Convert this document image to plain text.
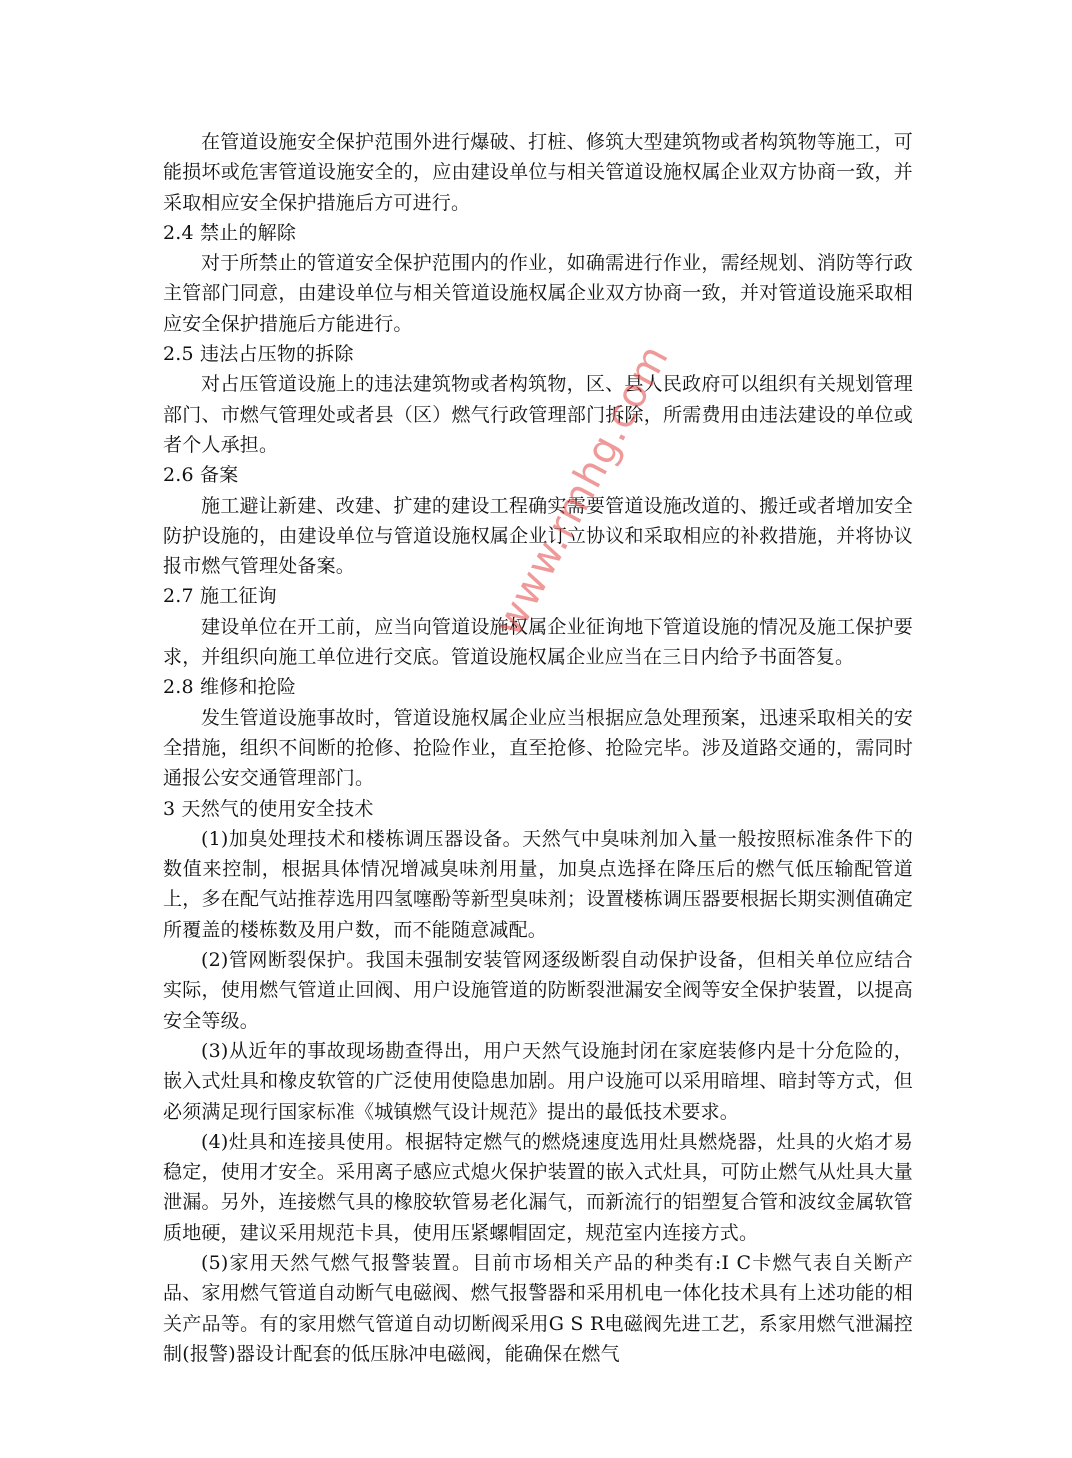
在管道设施安全保护范围外进行爆破、打桩、修筑大型建筑物或者构筑物等施工，可能损坏或危害管道设施安全的，应由建设单位与相关管道设施权属企业双方协商一致，并采取相应安全保护措施后方可进行。

2.4 禁止的解除

对于所禁止的管道安全保护范围内的作业，如确需进行作业，需经规划、消防等行政主管部门同意，由建设单位与相关管道设施权属企业双方协商一致，并对管道设施采取相应安全保护措施后方能进行。

2.5 违法占压物的拆除

对占压管道设施上的违法建筑物或者构筑物，区、县人民政府可以组织有关规划管理部门、市燃气管理处或者县（区）燃气行政管理部门拆除，所需费用由违法建设的单位或者个人承担。

2.6 备案

施工避让新建、改建、扩建的建设工程确实需要管道设施改道的、搬迁或者增加安全防护设施的，由建设单位与管道设施权属企业订立协议和采取相应的补救措施，并将协议报市燃气管理处备案。

2.7 施工征询

建设单位在开工前，应当向管道设施权属企业征询地下管道设施的情况及施工保护要求，并组织向施工单位进行交底。管道设施权属企业应当在三日内给予书面答复。

2.8 维修和抢险

发生管道设施事故时，管道设施权属企业应当根据应急处理预案，迅速采取相关的安全措施，组织不间断的抢修、抢险作业，直至抢修、抢险完毕。涉及道路交通的，需同时通报公安交通管理部门。

3 天然气的使用安全技术

(1)加臭处理技术和楼栋调压器设备。天然气中臭味剂加入量一般按照标准条件下的数值来控制，根据具体情况增减臭味剂用量，加臭点选择在降压后的燃气低压输配管道上，多在配气站推荐选用四氢噻酚等新型臭味剂；设置楼栋调压器要根据长期实测值确定所覆盖的楼栋数及用户数，而不能随意减配。

(2)管网断裂保护。我国未强制安装管网逐级断裂自动保护设备，但相关单位应结合实际，使用燃气管道止回阀、用户设施管道的防断裂泄漏安全阀等安全保护装置，以提高安全等级。

(3)从近年的事故现场勘查得出，用户天然气设施封闭在家庭装修内是十分危险的，嵌入式灶具和橡皮软管的广泛使用使隐患加剧。用户设施可以采用暗埋、暗封等方式，但必须满足现行国家标准《城镇燃气设计规范》提出的最低技术要求。

(4)灶具和连接具使用。根据特定燃气的燃烧速度选用灶具燃烧器，灶具的火焰才易稳定，使用才安全。采用离子感应式熄火保护装置的嵌入式灶具，可防止燃气从灶具大量泄漏。另外，连接燃气具的橡胶软管易老化漏气，而新流行的铝塑复合管和波纹金属软管质地硬，建议采用规范卡具，使用压紧螺帽固定，规范室内连接方式。

(5)家用天然气燃气报警装置。目前市场相关产品的种类有:I C卡燃气表自关断产品、家用燃气管道自动断气电磁阀、燃气报警器和采用机电一体化技术具有上述功能的相关产品等。有的家用燃气管道自动切断阀采用G S R电磁阀先进工艺，系家用燃气泄漏控制(报警)器设计配套的低压脉冲电磁阀，能确保在燃气

www.rmhg.com
